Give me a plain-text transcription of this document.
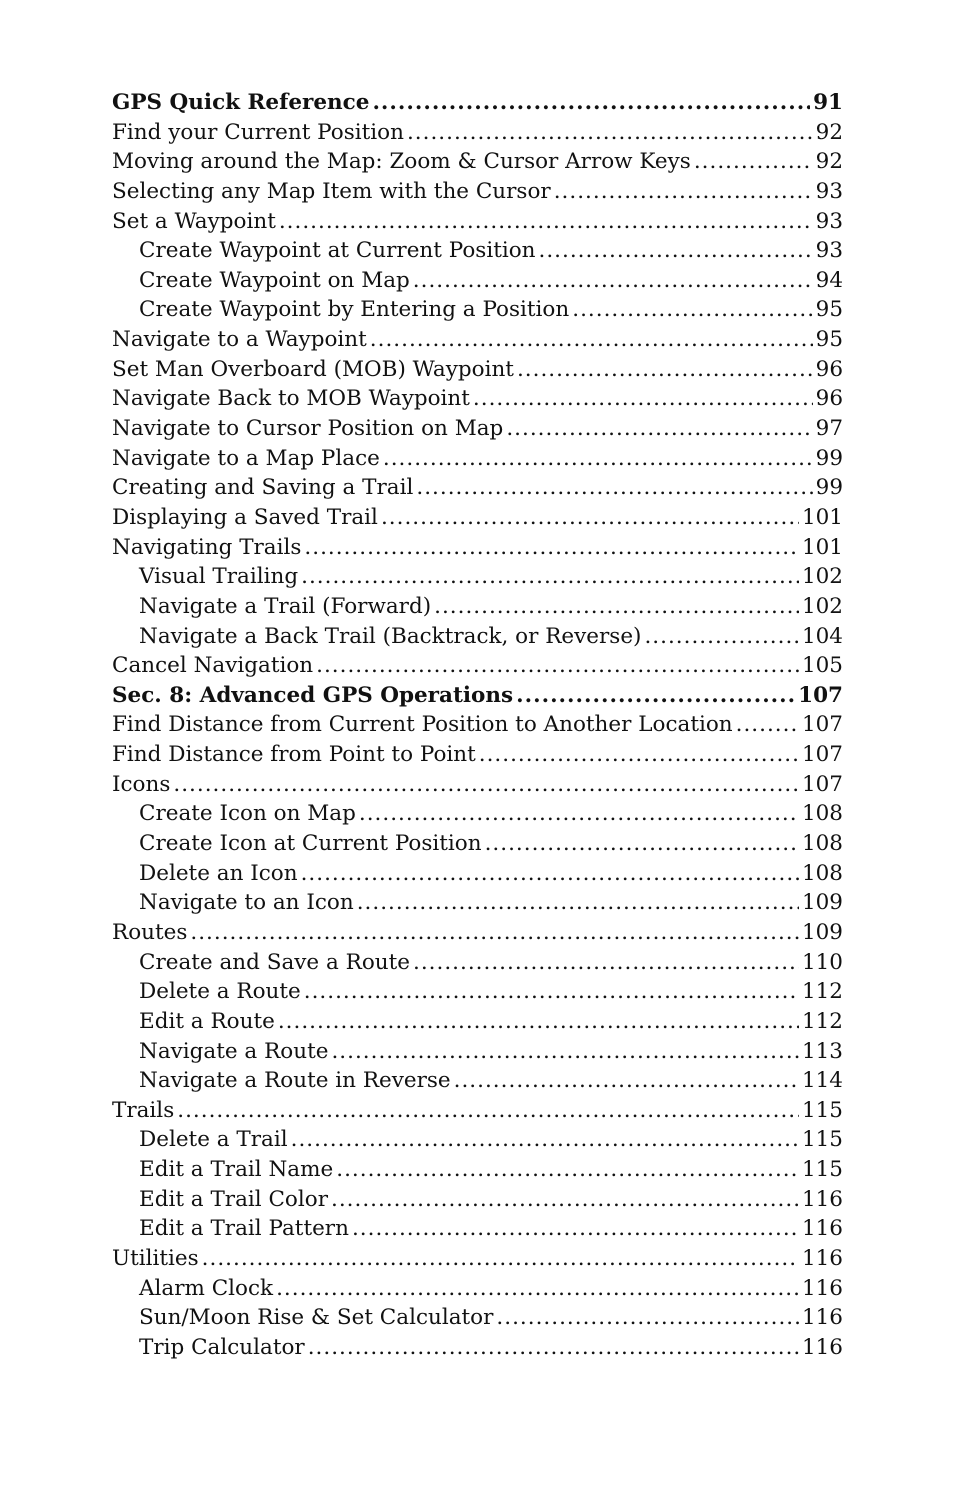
GPS Quick Reference .....	91
Find your Current Position .....	92
Moving around the Map: Zoom & Cursor Arrow Keys .....	92
Selecting any Map Item with the Cursor .....	93
Set a Waypoint .....	93
Create Waypoint at Current Position .....	93
Create Waypoint on Map .....	94
Create Waypoint by Entering a Position .....	95
Navigate to a Waypoint .....	95
Set Man Overboard (MOB) Waypoint .....	96
Navigate Back to MOB Waypoint .....	96
Navigate to Cursor Position on Map .....	97
Navigate to a Map Place .....	99
Creating and Saving a Trail .....	99
Displaying a Saved Trail .....	101
Navigating Trails .....	101
Visual Trailing .....	102
Navigate a Trail (Forward) .....	102
Navigate a Back Trail (Backtrack, or Reverse) .....	104
Cancel Navigation .....	105
Sec. 8: Advanced GPS Operations .....	107
Find Distance from Current Position to Another Location .....	107
Find Distance from Point to Point .....	107
Icons .....	107
Create Icon on Map .....	108
Create Icon at Current Position .....	108
Delete an Icon .....	108
Navigate to an Icon .....	109
Routes .....	109
Create and Save a Route .....	110
Delete a Route .....	112
Edit a Route .....	112
Navigate a Route .....	113
Navigate a Route in Reverse .....	114
Trails .....	115
Delete a Trail .....	115
Edit a Trail Name .....	115
Edit a Trail Color .....	116
Edit a Trail Pattern .....	116
Utilities .....	116
Alarm Clock .....	116
Sun/Moon Rise & Set Calculator .....	116
Trip Calculator .....	116
